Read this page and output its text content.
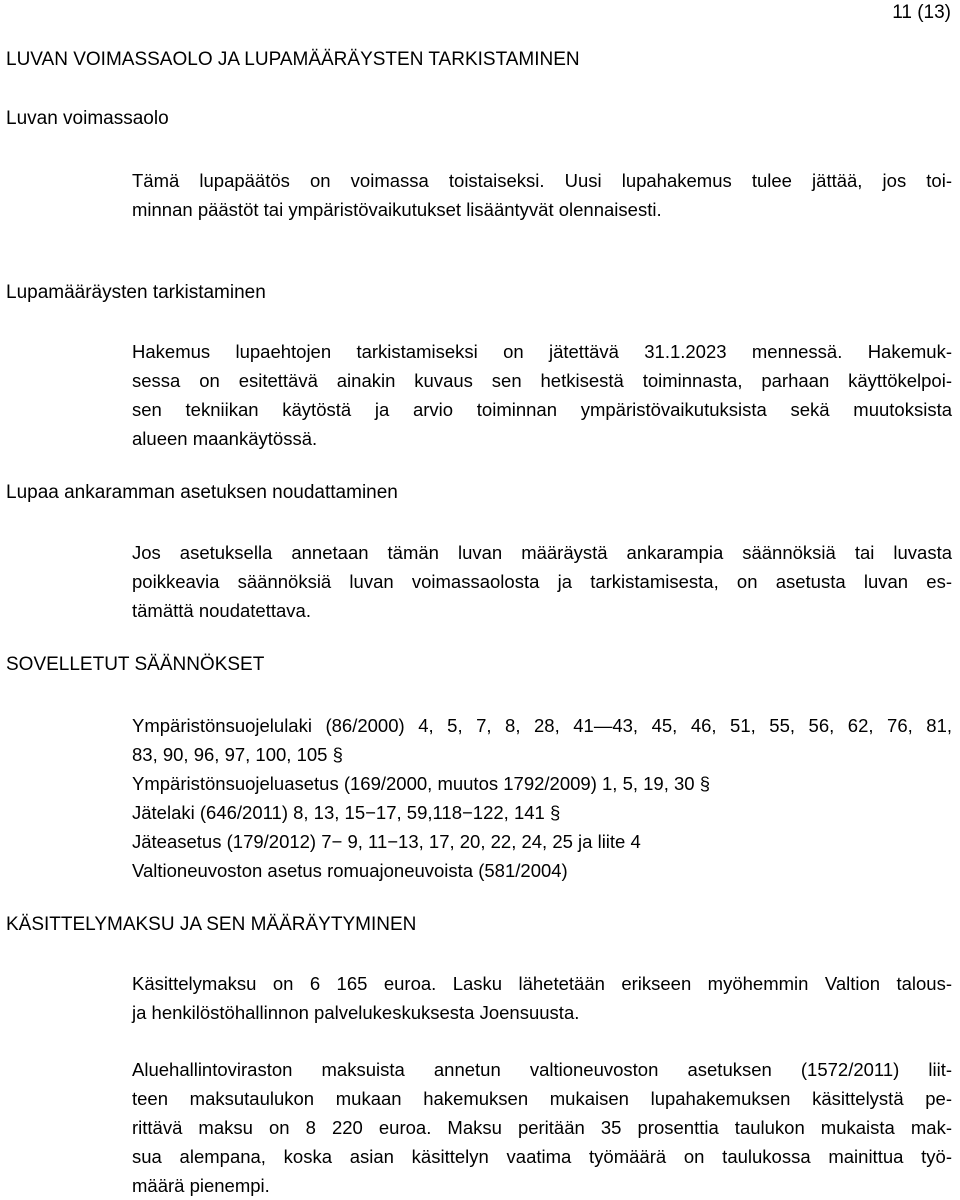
11 (13)
LUVAN VOIMASSAOLO JA LUPAMÄÄRÄYSTEN TARKISTAMINEN
Luvan voimassaolo

Tämä lupapäätös on voimassa toistaiseksi. Uusi lupahakemus tulee jättää, jos toi-
minnan päästöt tai ympäristövaikutukset lisääntyvät olennaisesti.

Lupamääräysten tarkistaminen

Hakemus lupaehtojen tarkistamiseksi on jätettävä 31.1.2023 mennessä. Hakemuk-
sessa on esitettävä ainakin kuvaus sen hetkisestä toiminnasta, parhaan käyttökelpoi-
sen tekniikan käytöstä ja arvio toiminnan ympäristövaikutuksista sekä muutoksista
alueen maankäytössä.

Lupaa ankaramman asetuksen noudattaminen

Jos asetuksella annetaan tämän luvan määräystä ankarampia säännöksiä tai luvasta
poikkeavia säännöksiä luvan voimassaolosta ja tarkistamisesta, on asetusta luvan es-
tämättä noudatettava.

SOVELLETUT SÄÄNNÖKSET
Ympäristönsuojelulaki (86/2000) 4, 5, 7, 8, 28, 41—43, 45, 46, 51, 55, 56, 62, 76, 81,
83, 90, 96, 97, 100, 105 §
Ympäristönsuojeluasetus (169/2000, muutos 1792/2009) 1, 5, 19, 30 §
Jätelaki (646/2011) 8, 13, 15−17, 59,118−122, 141 §
Jäteasetus (179/2012) 7− 9, 11−13, 17, 20, 22, 24, 25 ja liite 4
Valtioneuvoston asetus romuajoneuvoista (581/2004)
KÄSITTELYMAKSU JA SEN MÄÄRÄYTYMINEN

Käsittelymaksu on 6 165 euroa. Lasku lähetetään erikseen myöhemmin Valtion talous-
ja henkilöstöhallinnon palvelukeskuksesta Joensuusta.

Aluehallintoviraston maksuista annetun valtioneuvoston asetuksen (1572/2011) liit-
teen maksutaulukon mukaan hakemuksen mukaisen lupahakemuksen käsittelystä pe-
rittävä maksu on 8 220 euroa. Maksu peritään 35 prosenttia taulukon mukaista mak-
sua alempana, koska asian käsittelyn vaatima työmäärä on taulukossa mainittua työ-
määrä pienempi.
